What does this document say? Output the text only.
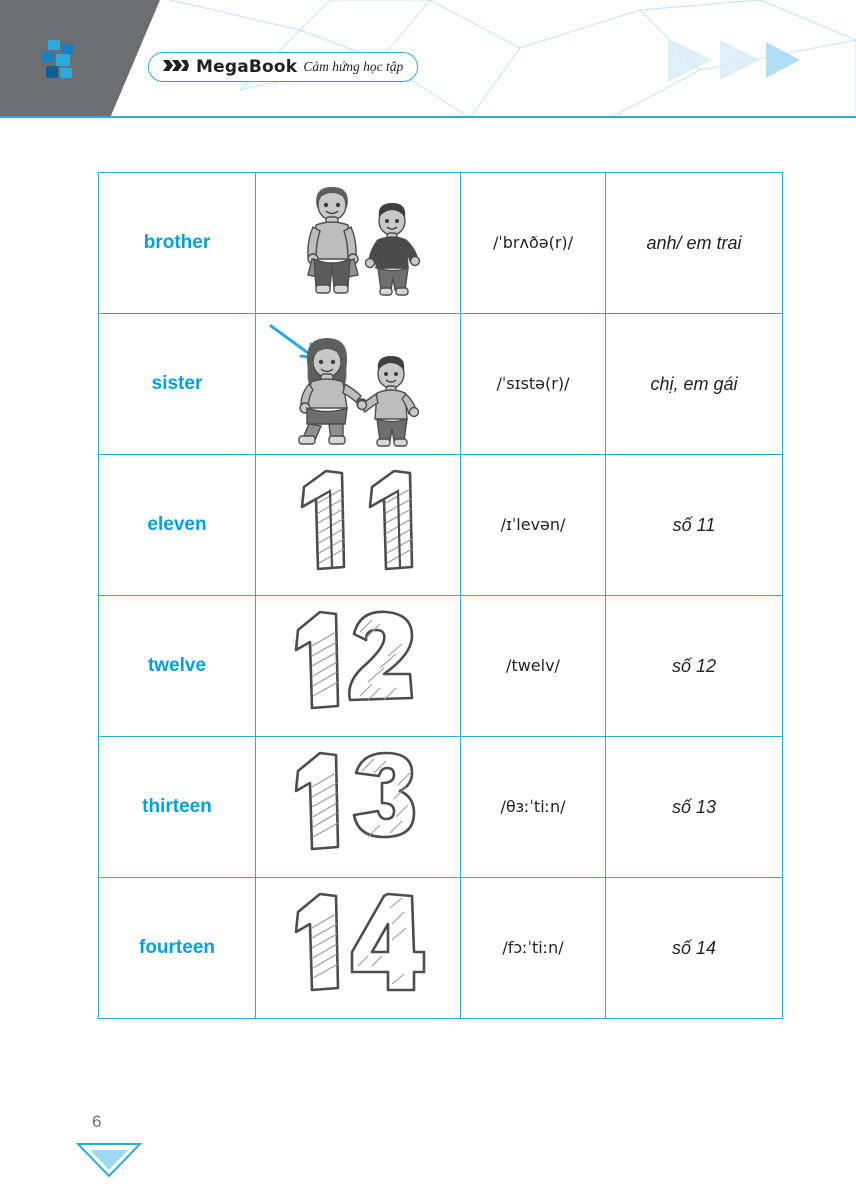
MegaBook Cảm hứng học tập
brother		/ˈbrʌðə(r)/	anh/ em trai
sister		/ˈsɪstə(r)/	chị, em gái
eleven		/ɪˈlevən/	số 11
twelve		/twelv/	số 12
thirteen		/θɜːˈtiːn/	số 13
fourteen		/fɔːˈtiːn/	số 14
6
